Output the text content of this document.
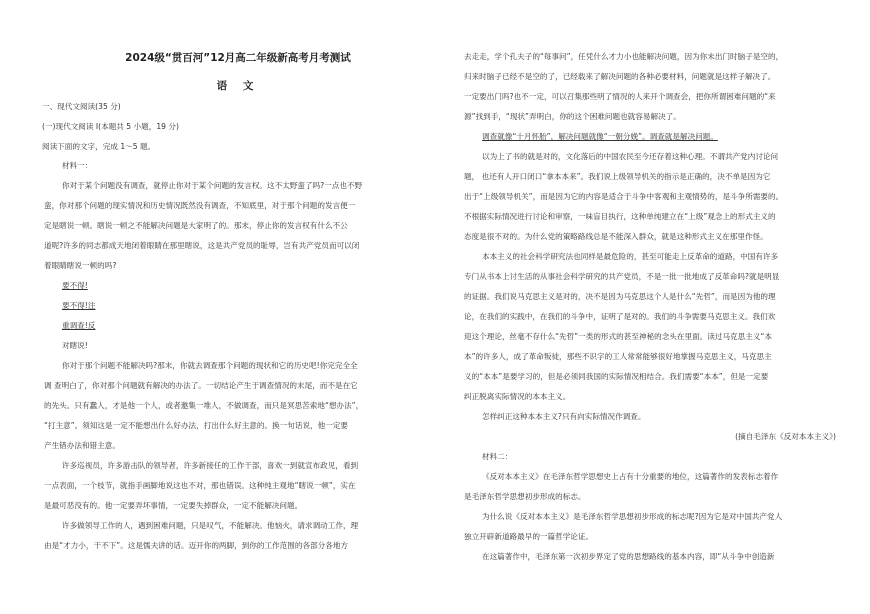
2024级“贯百河”12月高二年级新高考月考测试
语 文
一、现代文阅读(35 分)
(一)现代文阅读 I(本题共 5 小题，19 分)
阅读下面的文字，完成 1～5 题。
材料一：
你对于某个问题没有调查，就停止你对于某个问题的发言权。这不太野蛮了吗?一点也不野
蛮，你对那个问题的现实情况和历史情况既然没有调查，不知底里，对于那个问题的发言便一
定是瞎说一顿。瞎说一顿之不能解决问题是大家明了的。那末，停止你的发言权有什么不公
道呢?许多的同志都成天地闭着眼睛在那里瞎说，这是共产党员的耻辱，岂有共产党员而可以闭
着眼睛瞎说一顿的吗?
要不得!
要不得!注
重调查!反
对瞎说!
你对于那个问题不能解决吗?那末，你就去调查那个问题的现状和它的历史吧!你完完全全
调 查明白了，你对那个问题就有解决的办法了。一切结论产生于调查情况的末尾，而不是在它
的先头。只有蠢人，才是他一个人，或者邀集一堆人，不做调查，而只是冥思苦索地“想办法”，
“打主意”。须知这是一定不能想出什么好办法，打出什么好主意的。换一句话说，他一定要
产生错办法和错主意。
许多巡视员，许多游击队的领导者，许多新接任的工作干部，喜欢一到就宣布政见，看到
一点表面，一个枝节，就指手画脚地说这也不对，那也错误。这种纯主观地“瞎说一顿”，实在
是最可恶没有的。他一定要弄坏事情，一定要失掉群众，一定不能解决问题。
许多做领导工作的人，遇到困难问题，只是叹气，不能解决。他恼火，请求调动工作，理
由是“才力小，干不下”。这是懦夫讲的话。迈开你的两脚，到你的工作范围的各部分各地方
去走走，学个孔夫子的“每事问”，任凭什么才力小也能解决问题，因为你未出门时脑子是空的，
归来时脑子已经不是空的了，已经载来了解决问题的各种必要材料，问题就是这样子解决了。
一定要出门吗?也不一定，可以召集那些明了情况的人来开个调查会，把你所谓困难问题的“来
源”找到手，“现状”弄明白，你的这个困难问题也就容易解决了。
调查就像“十月怀胎”，解决问题就像“一朝分娩”。调查就是解决问题。
以为上了书的就是对的，文化落后的中国农民至今还存着这种心理。不谓共产党内讨论问
题， 也还有人开口闭口“拿本本来”。我们说上级领导机关的指示是正确的，决不单是因为它
出于“上级领导机关”，而是因为它的内容是适合于斗争中客观和主观情势的，是斗争所需要的。
不根据实际情况进行讨论和审察，一味盲目执行，这种单纯建立在“上级”观念上的形式主义的
态度是很不对的。为什么党的策略路线总是不能深入群众，就是这种形式主义在那里作怪。
本本主义的社会科学研究法也同样是最危险的，甚至可能走上反革命的道路，中国有许多
专门从书本上讨生活的从事社会科学研究的共产党员，不是一批一批地成了反革命吗?就是明显
的证据。我们说马克思主义是对的，决不是因为马克思这个人是什么“先哲”，而是因为他的理
论，在我们的实践中，在我们的斗争中，证明了是对的。我们的斗争需要马克思主义。我们欢
迎这个理论，丝毫不存什么“先哲”一类的形式的甚至神秘的念头在里面。读过马克思主义“本
本”的许多人，成了革命叛徒，那些不识字的工人常常能够很好地掌握马克思主义，马克思主
义的“本本”是要学习的，但是必须同我国的实际情况相结合。我们需要“本本”，但是一定要
纠正脱离实际情况的本本主义。
怎样纠正这种本本主义?只有向实际情况作调查。
(摘自毛泽东《反对本本主义》)
材料二：
《反对本本主义》在毛泽东哲学思想史上占有十分重要的地位，这篇著作的发表标志着作
是毛泽东哲学思想初步形成的标志。
为什么说《反对本本主义》是毛泽东哲学思想初步形成的标志呢?因为它是对中国共产党人
独立开辟新道路最早的一篇哲学论证。
在这篇著作中，毛泽东第一次初步界定了党的思想路线的基本内容，即“从斗争中创造新
